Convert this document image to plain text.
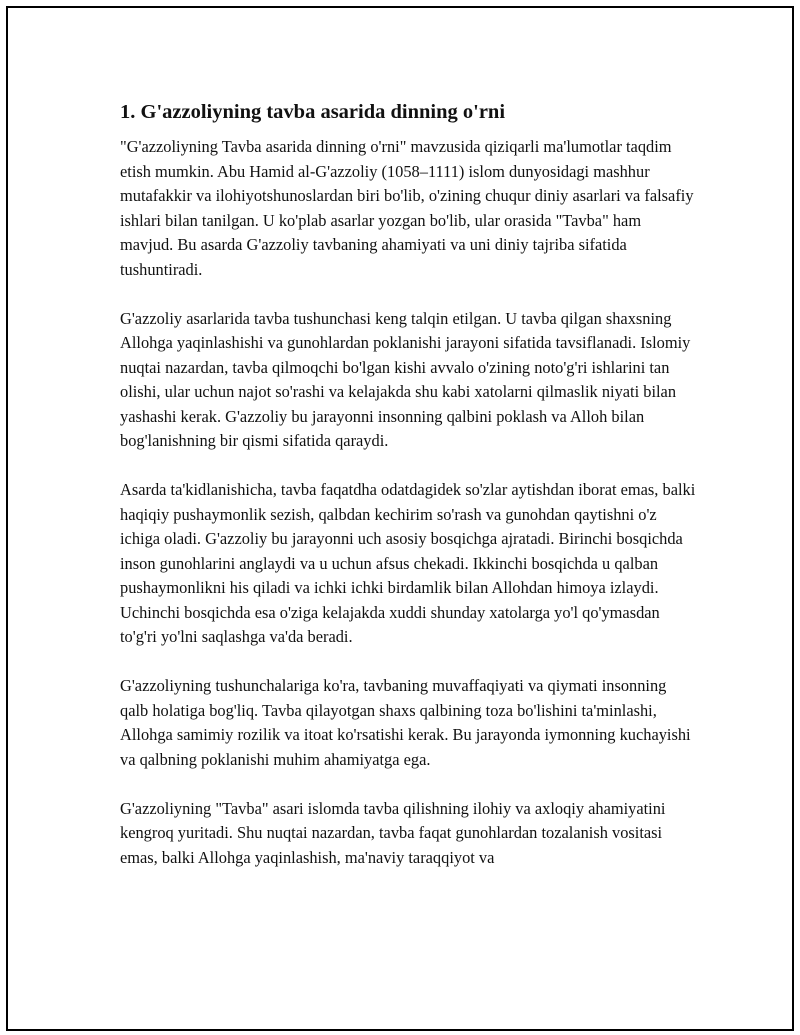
1. G'azzoliyning tavba asarida dinning o'rni

"G'azzoliyning Tavba asarida dinning o'rni" mavzusida qiziqarli ma'lumotlar taqdim etish mumkin. Abu Hamid al-G'azzoliy (1058–1111) islom dunyosidagi mashhur mutafakkir va ilohiyotshunoslardan biri bo'lib, o'zining chuqur diniy asarlari va falsafiy ishlari bilan tanilgan. U ko'plab asarlar yozgan bo'lib, ular orasida "Tavba" ham mavjud. Bu asarda G'azzoliy tavbaning ahamiyati va uni diniy tajriba sifatida tushuntiradi.

G'azzoliy asarlarida tavba tushunchasi keng talqin etilgan. U tavba qilgan shaxsning Allohga yaqinlashishi va gunohlardan poklanishi jarayoni sifatida tavsiflanadi. Islomiy nuqtai nazardan, tavba qilmoqchi bo'lgan kishi avvalo o'zining noto'g'ri ishlarini tan olishi, ular uchun najot so'rashi va kelajakda shu kabi xatolarni qilmaslik niyati bilan yashashi kerak. G'azzoliy bu jarayonni insonning qalbini poklash va Alloh bilan bog'lanishning bir qismi sifatida qaraydi.

Asarda ta'kidlanishicha, tavba faqatdha odatdagidek so'zlar aytishdan iborat emas, balki haqiqiy pushaymonlik sezish, qalbdan kechirim so'rash va gunohdan qaytishni o'z ichiga oladi. G'azzoliy bu jarayonni uch asosiy bosqichga ajratadi. Birinchi bosqichda inson gunohlarini anglaydi va u uchun afsus chekadi. Ikkinchi bosqichda u qalban pushaymonlikni his qiladi va ichki ichki birdamlik bilan Allohdan himoya izlaydi. Uchinchi bosqichda esa o'ziga kelajakda xuddi shunday xatolarga yo'l qo'ymasdan to'g'ri yo'lni saqlashga va'da beradi.

G'azzoliyning tushunchalariga ko'ra, tavbaning muvaffaqiyati va qiymati insonning qalb holatiga bog'liq. Tavba qilayotgan shaxs qalbining toza bo'lishini ta'minlashi, Allohga samimiy rozilik va itoat ko'rsatishi kerak. Bu jarayonda iymonning kuchayishi va qalbning poklanishi muhim ahamiyatga ega.

G'azzoliyning "Tavba" asari islomda tavba qilishning ilohiy va axloqiy ahamiyatini kengroq yuritadi. Shu nuqtai nazardan, tavba faqat gunohlardan tozalanish vositasi emas, balki Allohga yaqinlashish, ma'naviy taraqqiyot va
